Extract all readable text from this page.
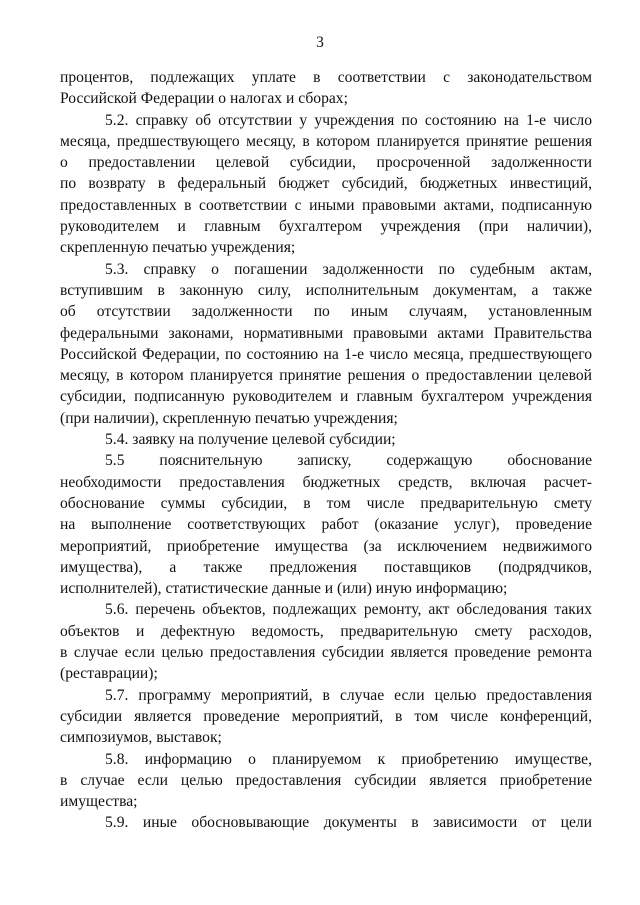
3
процентов, подлежащих уплате в соответствии с законодательством
Российской Федерации о налогах и сборах;
5.2. справку об отсутствии у учреждения по состоянию на 1-е число
месяца, предшествующего месяцу, в котором планируется принятие решения
о предоставлении целевой субсидии, просроченной задолженности
по возврату в федеральный бюджет субсидий, бюджетных инвестиций,
предоставленных в соответствии с иными правовыми актами, подписанную
руководителем и главным бухгалтером учреждения (при наличии),
скрепленную печатью учреждения;
5.3. справку о погашении задолженности по судебным актам,
вступившим в законную силу, исполнительным документам, а также
об отсутствии задолженности по иным случаям, установленным
федеральными законами, нормативными правовыми актами Правительства
Российской Федерации, по состоянию на 1-е число месяца, предшествующего
месяцу, в котором планируется принятие решения о предоставлении целевой
субсидии, подписанную руководителем и главным бухгалтером учреждения
(при наличии), скрепленную печатью учреждения;
5.4. заявку на получение целевой субсидии;
5.5 пояснительную записку, содержащую обоснование
необходимости предоставления бюджетных средств, включая расчет-
обоснование суммы субсидии, в том числе предварительную смету
на выполнение соответствующих работ (оказание услуг), проведение
мероприятий, приобретение имущества (за исключением недвижимого
имущества), а также предложения поставщиков (подрядчиков,
исполнителей), статистические данные и (или) иную информацию;
5.6. перечень объектов, подлежащих ремонту, акт обследования таких
объектов и дефектную ведомость, предварительную смету расходов,
в случае если целью предоставления субсидии является проведение ремонта
(реставрации);
5.7. программу мероприятий, в случае если целью предоставления
субсидии является проведение мероприятий, в том числе конференций,
симпозиумов, выставок;
5.8. информацию о планируемом к приобретению имуществе,
в случае если целью предоставления субсидии является приобретение
имущества;
5.9. иные обосновывающие документы в зависимости от цели
